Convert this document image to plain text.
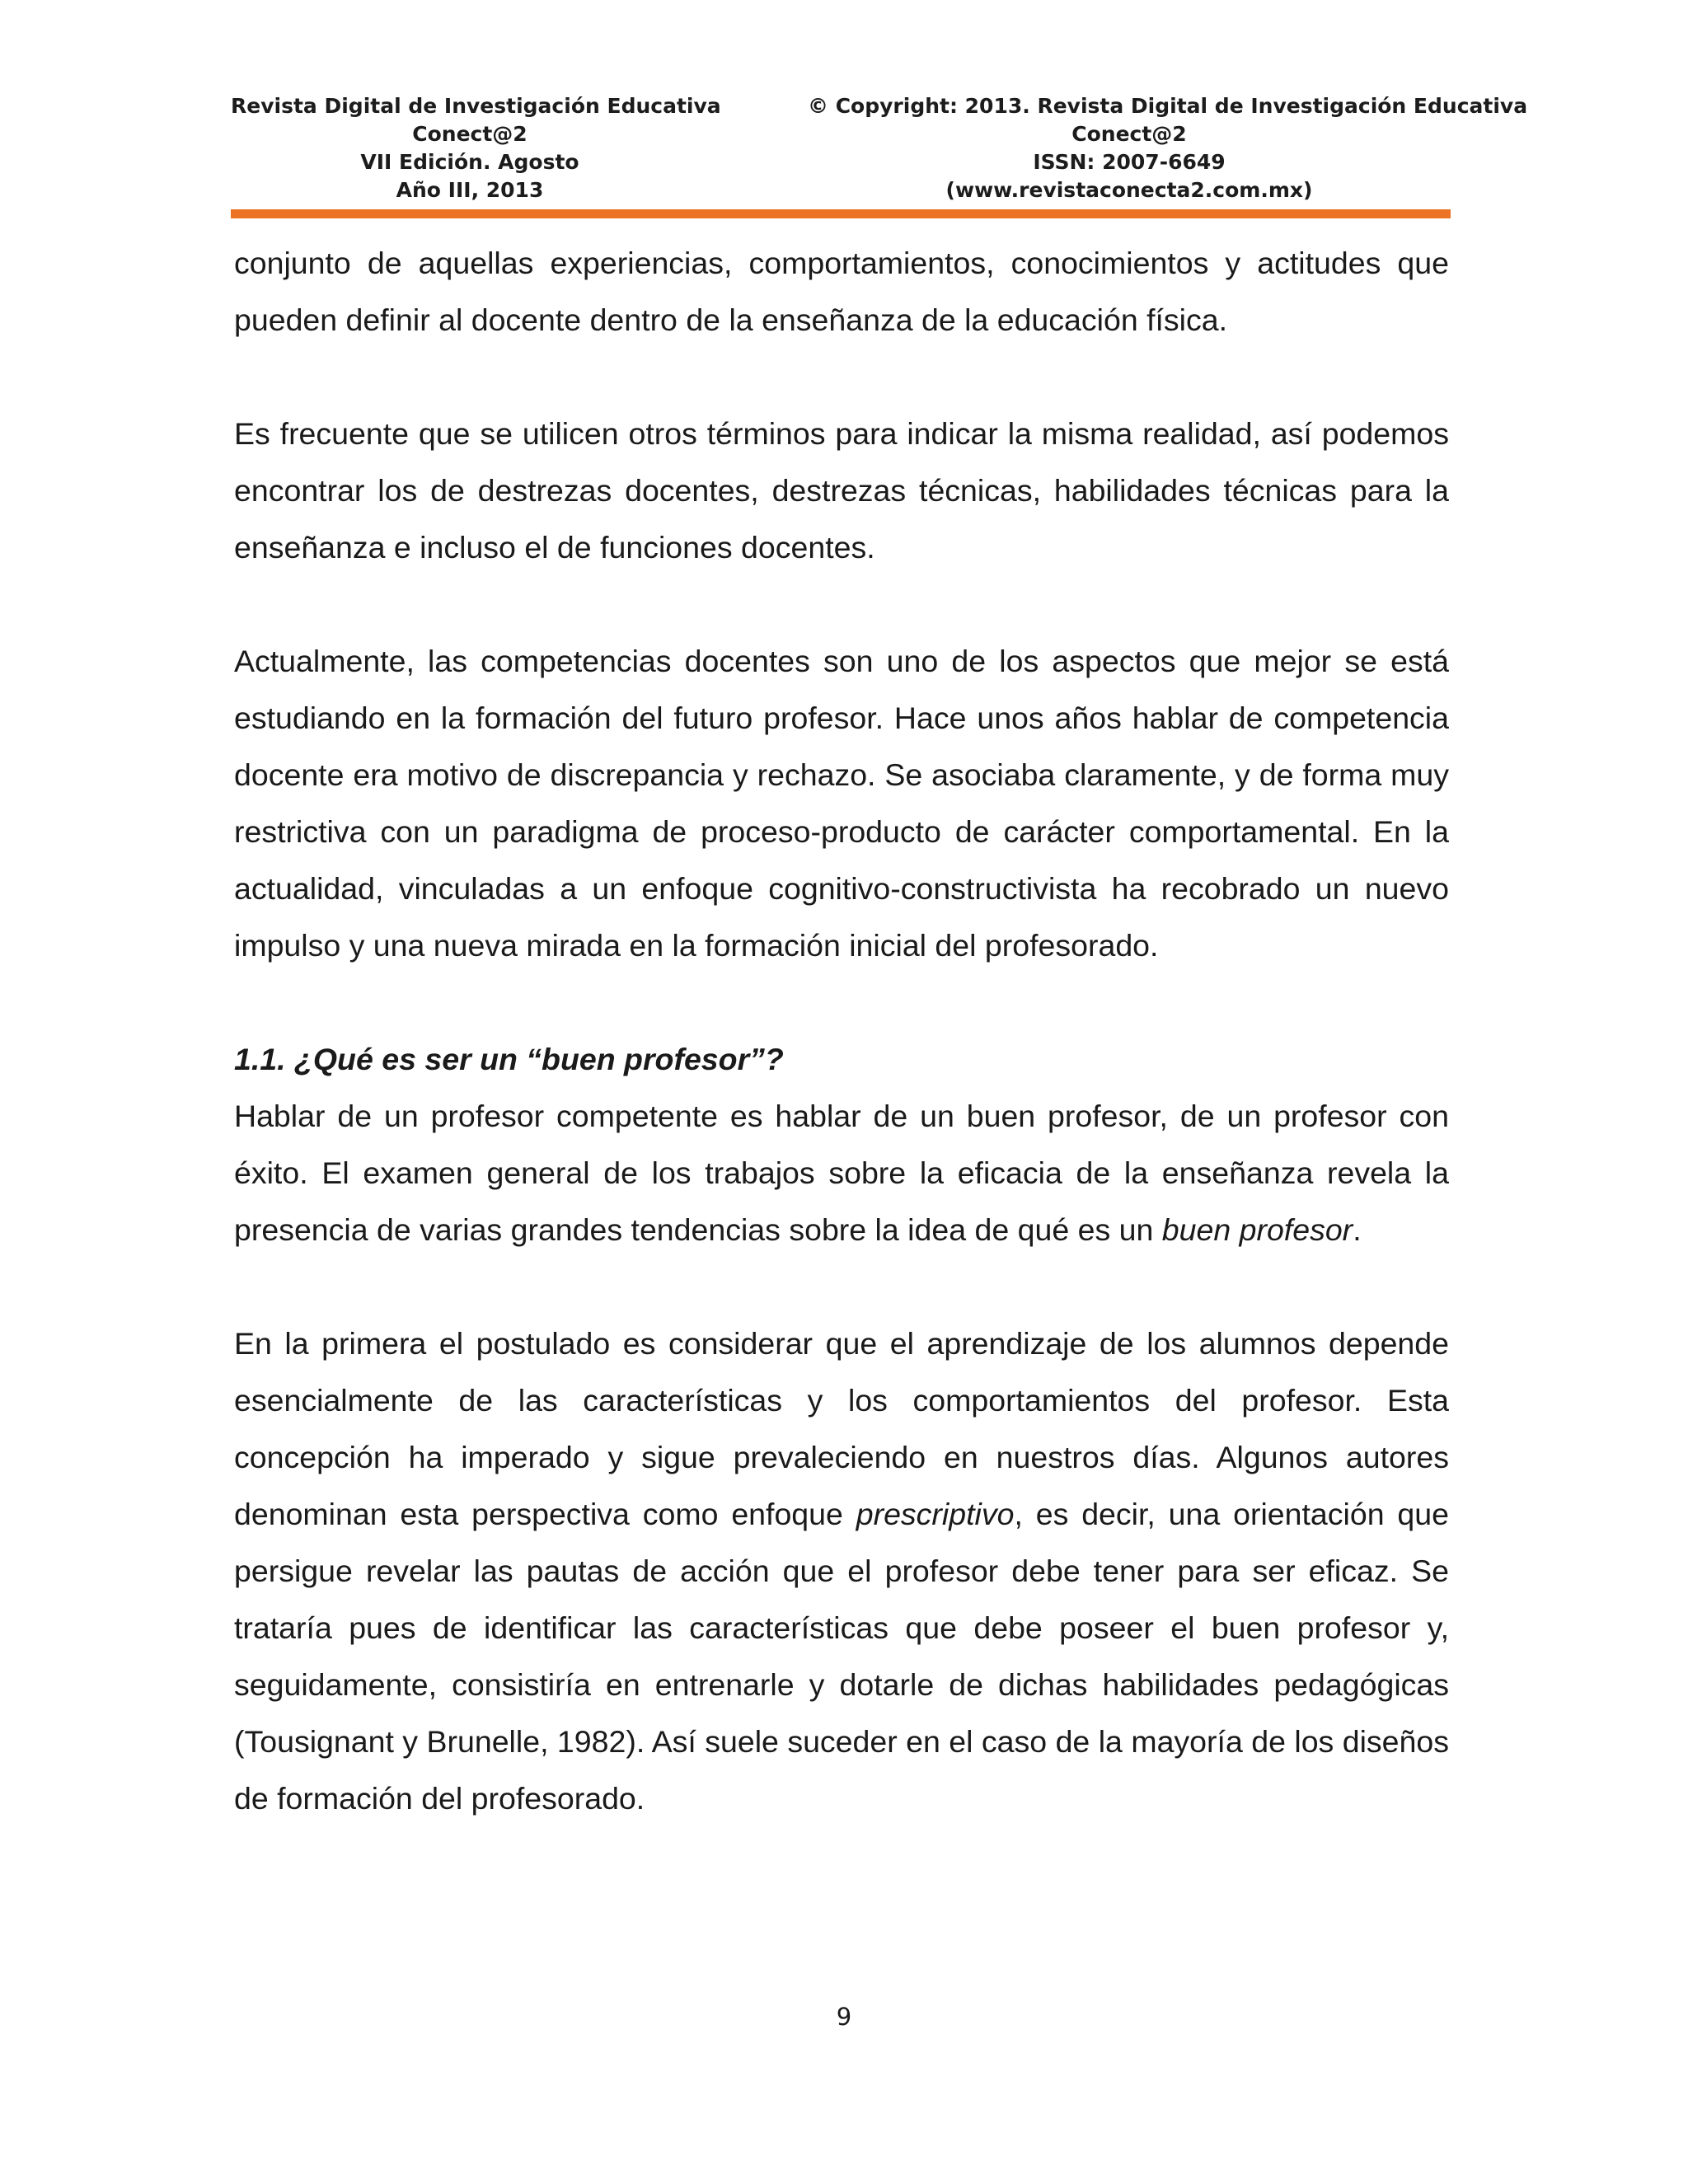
Revista Digital de Investigación Educativa
Conect@2
VII Edición. Agosto
Año III, 2013
© Copyright: 2013. Revista Digital de Investigación Educativa
Conect@2
ISSN: 2007-6649
(www.revistaconecta2.com.mx)

conjunto de aquellas experiencias, comportamientos, conocimientos y actitudes que pueden definir al docente dentro de la enseñanza de la educación física.

Es frecuente que se utilicen otros términos para indicar la misma realidad, así podemos encontrar los de destrezas docentes, destrezas técnicas, habilidades técnicas para la enseñanza e incluso el de funciones docentes.

Actualmente, las competencias docentes son uno de los aspectos que mejor se está estudiando en la formación del futuro profesor. Hace unos años hablar de competencia docente era motivo de discrepancia y rechazo. Se asociaba claramente, y de forma muy restrictiva con un paradigma de proceso-producto de carácter comportamental. En la actualidad, vinculadas a un enfoque cognitivo-constructivista ha recobrado un nuevo impulso y una nueva mirada en la formación inicial del profesorado.

1.1. ¿Qué es ser un “buen profesor”?

Hablar de un profesor competente es hablar de un buen profesor, de un profesor con éxito. El examen general de los trabajos sobre la eficacia de la enseñanza revela la presencia de varias grandes tendencias sobre la idea de qué es un buen profesor.

En la primera el postulado es considerar que el aprendizaje de los alumnos depende esencialmente de las características y los comportamientos del profesor. Esta concepción ha imperado y sigue prevaleciendo en nuestros días. Algunos autores denominan esta perspectiva como enfoque prescriptivo, es decir, una orientación que persigue revelar las pautas de acción que el profesor debe tener para ser eficaz. Se trataría pues de identificar las características que debe poseer el buen profesor y, seguidamente, consistiría en entrenarle y dotarle de dichas habilidades pedagógicas (Tousignant y Brunelle, 1982). Así suele suceder en el caso de la mayoría de los diseños de formación del profesorado.

9
